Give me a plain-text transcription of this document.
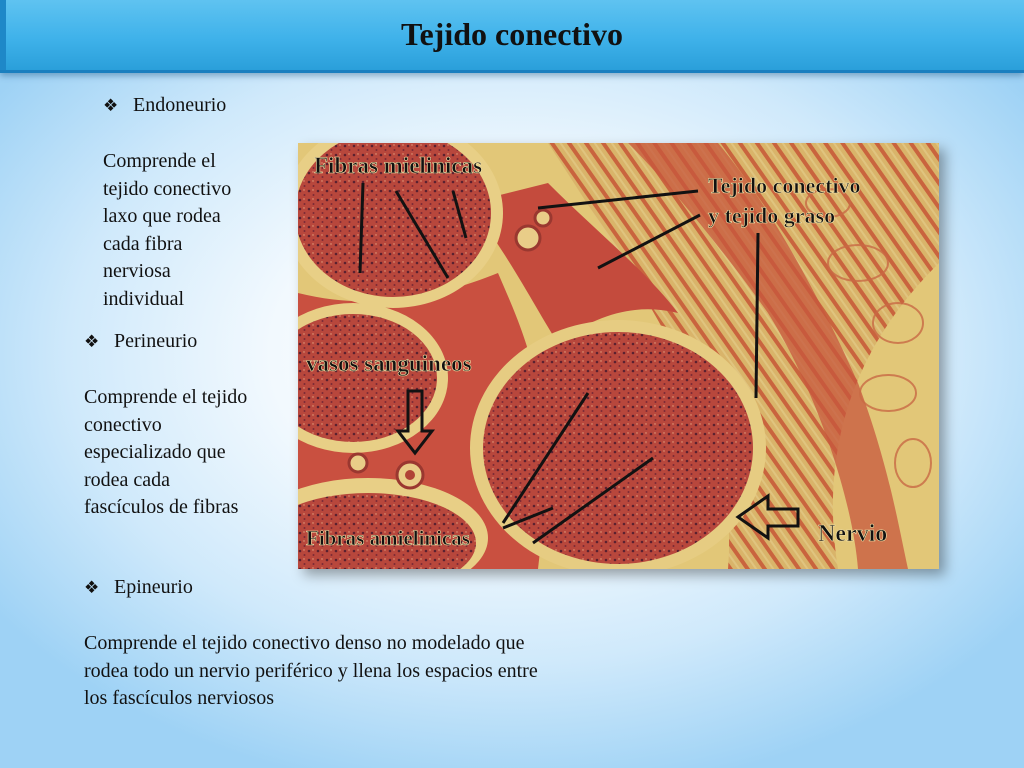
Tejido conectivo
❖ Endoneurio
Comprende el
tejido conectivo
laxo que rodea
cada fibra
nerviosa
individual
❖ Perineurio
Comprende el tejido
conectivo
especializado que
rodea cada
fascículos de fibras
❖ Epineurio
Comprende el tejido conectivo denso no modelado que
rodea todo un nervio periférico y llena los espacios entre
los fascículos nerviosos
Fibras mielinicas
Tejido conectivo
y tejido graso
vasos sanguineos
Fibras amielinicas	Nervio
